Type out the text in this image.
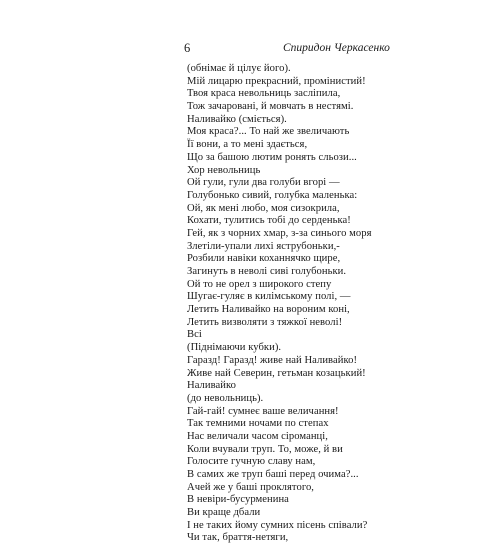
6	Спиридон Черкасенко
(обнімає й цілує його).
Мій лицарю прекрасний, промінистий!
Твоя краса невольниць засліпила,
Тож зачаровані, й мовчать в нестямі.
Наливайко (сміється).
Моя краса?... То най же звеличають
Її вони, а то мені здається,
Що за башою лютим ронять сльози...
Хор невольниць
Ой гули, гули два голуби вгорі —
Голубонько сивий, голубка маленька:
Ой, як мені любо, моя сизокрила,
Кохати, тулитись тобі до серденька!
Гей, як з чорних хмар, з-за синього моря
Злетіли-упали лихі яструбоньки,-
Розбили навіки коханнячко щире,
Загинуть в неволі сиві голубоньки.
Ой то не орел з широкого степу
Шугає-гуляє в килімському полі, —
Летить Наливайко на вороним коні,
Летить визволяти з тяжкої неволі!
Всі
(Піднімаючи кубки).
Гаразд! Гаразд! живе най Наливайко!
Живе най Северин, гетьман козацький!
Наливайко
(до невольниць).
Гай-гай! сумнеє ваше величання!
Так темними ночами по степах
Нас величали часом сіроманці,
Коли вчували труп. То, може, й ви
Голосите гучную славу нам,
В самих же труп баші перед очима?...
Ачей же у баші проклятого,
В невіри-бусурменина
Ви краще дбали
І не таких йому сумних пісень співали?
Чи так, браття-нетяги,
